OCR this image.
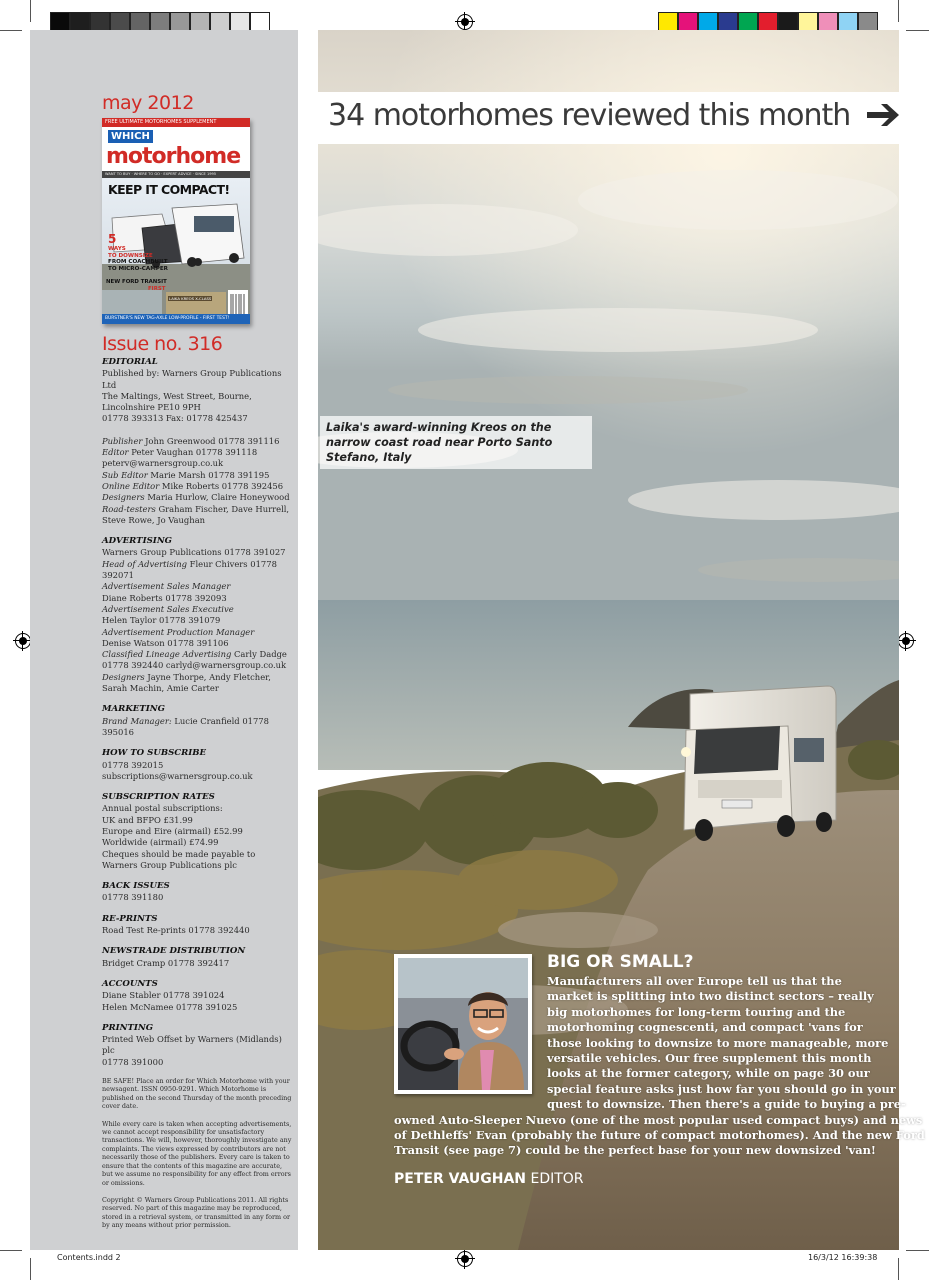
may 2012
FREE ULTIMATE MOTORHOMES SUPPLEMENT
WHICH
motorhome
WANT TO BUY · WHERE TO GO · EXPERT ADVICE · SINCE 1995
KEEP IT COMPACT!
5
WAYS
TO DOWNSIZE
FROM COACHBUILT
TO MICRO-CAMPER
NEW FORD TRANSIT
FIRST
LAIKA KREOS X-CLASS
BURSTNER'S NEW TAG-AXLE LOW-PROFILE - FIRST TEST!
Issue no. 316
EDITORIAL
Published by: Warners Group Publications Ltd
The Maltings, West Street, Bourne,
Lincolnshire PE10 9PH
01778 393313 Fax: 01778 425437
Publisher John Greenwood 01778 391116
Editor Peter Vaughan 01778 391118
peterv@warnersgroup.co.uk
Sub Editor Marie Marsh 01778 391195
Online Editor Mike Roberts 01778 392456
Designers Maria Hurlow, Claire Honeywood
Road-testers Graham Fischer, Dave Hurrell,
Steve Rowe, Jo Vaughan
ADVERTISING
Warners Group Publications 01778 391027
Head of Advertising Fleur Chivers 01778 392071
Advertisement Sales Manager
Diane Roberts 01778 392093
Advertisement Sales Executive
Helen Taylor 01778 391079
Advertisement Production Manager
Denise Watson 01778 391106
Classified Lineage Advertising Carly Dadge
01778 392440 carlyd@warnersgroup.co.uk
Designers Jayne Thorpe, Andy Fletcher,
Sarah Machin, Amie Carter
MARKETING
Brand Manager: Lucie Cranfield 01778 395016
HOW TO SUBSCRIBE
01778 392015 subscriptions@warnersgroup.co.uk
SUBSCRIPTION RATES
Annual postal subscriptions:
UK and BFPO £31.99
Europe and Eire (airmail) £52.99
Worldwide (airmail) £74.99
Cheques should be made payable to
Warners Group Publications plc
BACK ISSUES
01778 391180
RE-PRINTS
Road Test Re-prints 01778 392440
NEWSTRADE DISTRIBUTION
Bridget Cramp 01778 392417
ACCOUNTS
Diane Stabler 01778 391024
Helen McNamee 01778 391025
PRINTING
Printed Web Offset by Warners (Midlands) plc
01778 391000
BE SAFE! Place an order for Which Motorhome with your newsagent. ISSN 0950-9291. Which Motorhome is published on the second Thursday of the month preceding cover date.
While every care is taken when accepting advertisements, we cannot accept responsibility for unsatisfactory transactions. We will, however, thoroughly investigate any complaints. The views expressed by contributors are not necessarily those of the publishers. Every care is taken to ensure that the contents of this magazine are accurate, but we assume no responsibility for any effect from errors or omissions.
Copyright © Warners Group Publications 2011. All rights reserved. No part of this magazine may be reproduced, stored in a retrieval system, or transmitted in any form or by any means without prior permission.
34 motorhomes reviewed this month
Laika's award-winning Kreos on the narrow coast road near Porto Santo Stefano, Italy
BIG OR SMALL?
Manufacturers all over Europe tell us that the
market is splitting into two distinct sectors – really
big motorhomes for long-term touring and the
motorhoming cognescenti, and compact 'vans for
those looking to downsize to more manageable, more
versatile vehicles. Our free supplement this month
looks at the former category, while on page 30 our
special feature asks just how far you should go in your
quest to downsize. Then there's a guide to buying a pre-
owned Auto-Sleeper Nuevo (one of the most popular used compact buys) and news
of Dethleffs' Evan (probably the future of compact motorhomes). And the new Ford
Transit (see page 7) could be the perfect base for your new downsized 'van!
PETER VAUGHAN EDITOR
Contents.indd 2	16/3/12 16:39:38
